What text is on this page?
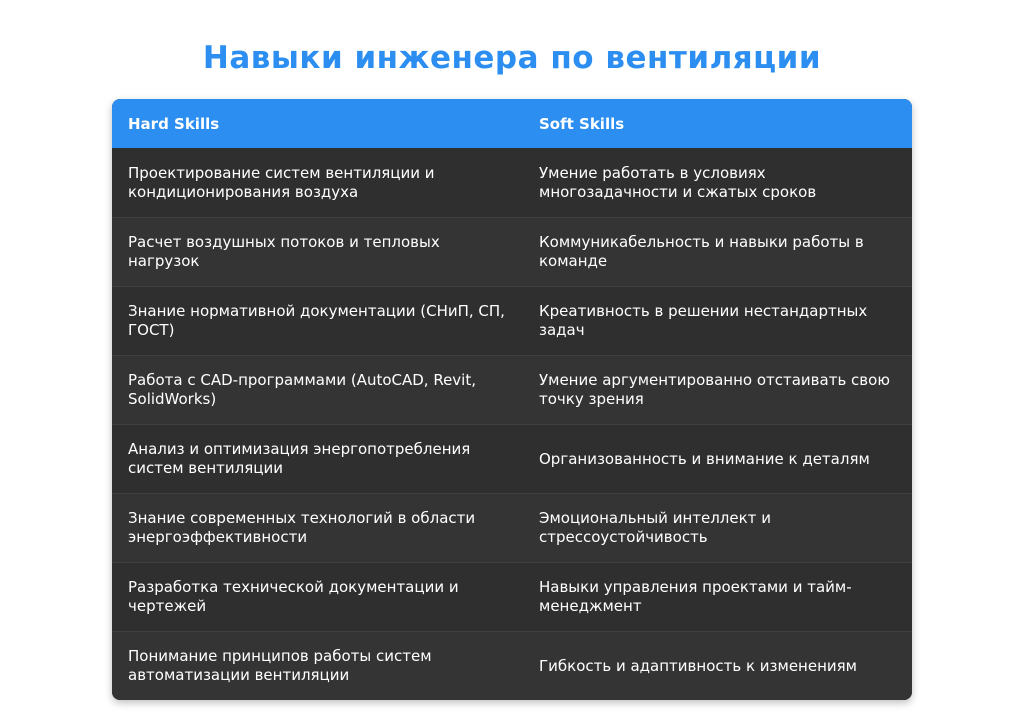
Навыки инженера по вентиляции
Hard Skills	Soft Skills
Проектирование систем вентиляции и кондиционирования воздуха
Умение работать в условиях многозадачности и сжатых сроков
Расчет воздушных потоков и тепловых нагрузок
Коммуникабельность и навыки работы в команде
Знание нормативной документации (СНиП, СП, ГОСТ)
Креативность в решении нестандартных задач
Работа с CAD-программами (AutoCAD, Revit, SolidWorks)
Умение аргументированно отстаивать свою точку зрения
Анализ и оптимизация энергопотребления систем вентиляции
Организованность и внимание к деталям
Знание современных технологий в области энергоэффективности
Эмоциональный интеллект и стрессоустойчивость
Разработка технической документации и чертежей
Навыки управления проектами и тайм-менеджмент
Понимание принципов работы систем автоматизации вентиляции
Гибкость и адаптивность к изменениям
